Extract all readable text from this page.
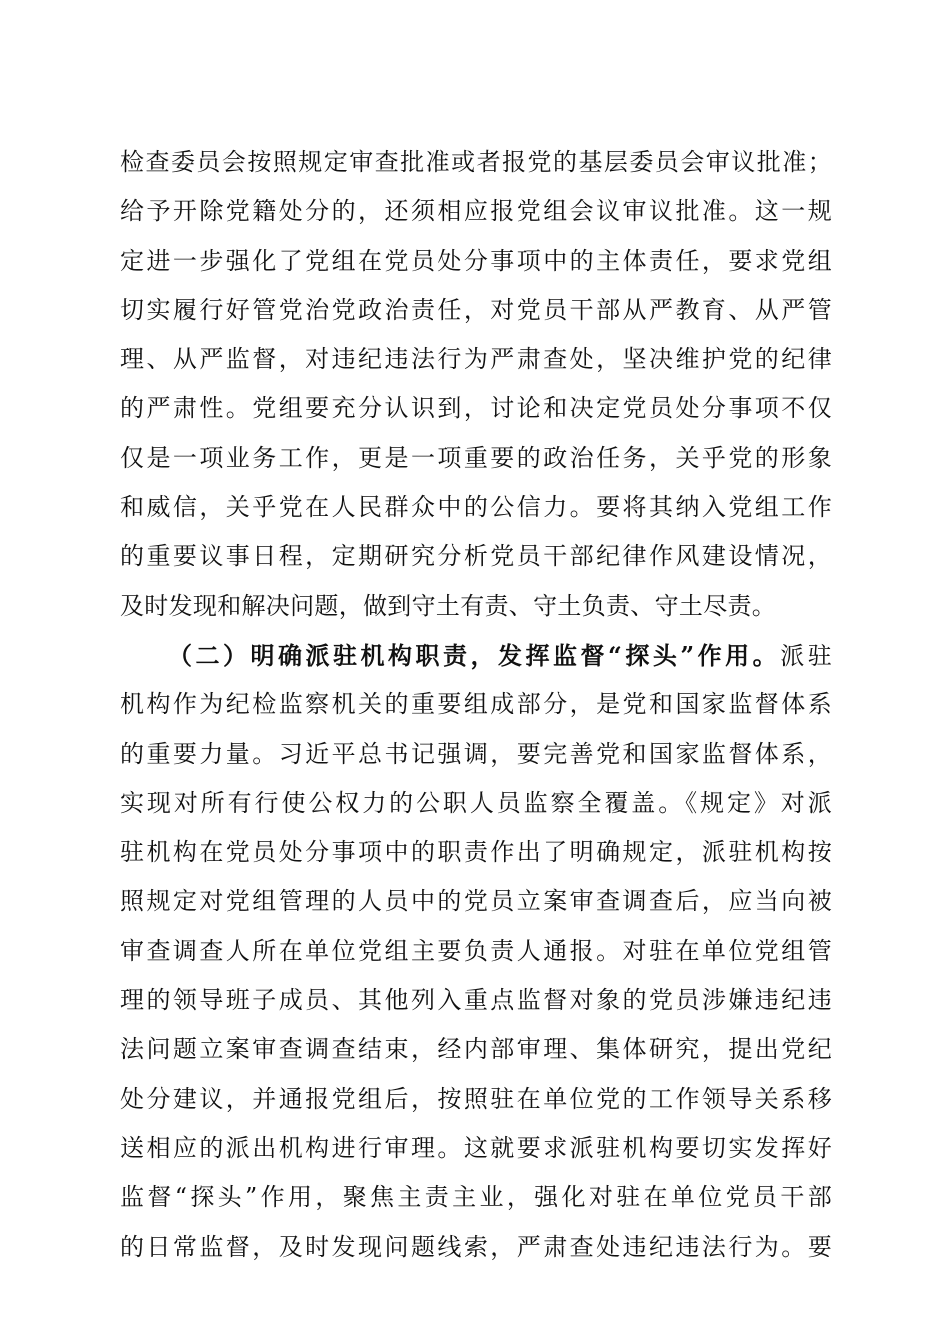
检查委员会按照规定审查批准或者报党的基层委员会审议批准；
给予开除党籍处分的，还须相应报党组会议审议批准。这一规
定进一步强化了党组在党员处分事项中的主体责任，要求党组
切实履行好管党治党政治责任，对党员干部从严教育、从严管
理、从严监督，对违纪违法行为严肃查处，坚决维护党的纪律
的严肃性。党组要充分认识到，讨论和决定党员处分事项不仅
仅是一项业务工作，更是一项重要的政治任务，关乎党的形象
和威信，关乎党在人民群众中的公信力。要将其纳入党组工作
的重要议事日程，定期研究分析党员干部纪律作风建设情况，
及时发现和解决问题，做到守土有责、守土负责、守土尽责。
（二）明确派驻机构职责，发挥监督“探头”作用。派驻
机构作为纪检监察机关的重要组成部分，是党和国家监督体系
的重要力量。习近平总书记强调，要完善党和国家监督体系，
实现对所有行使公权力的公职人员监察全覆盖。《规定》对派
驻机构在党员处分事项中的职责作出了明确规定，派驻机构按
照规定对党组管理的人员中的党员立案审查调查后，应当向被
审查调查人所在单位党组主要负责人通报。对驻在单位党组管
理的领导班子成员、其他列入重点监督对象的党员涉嫌违纪违
法问题立案审查调查结束，经内部审理、集体研究，提出党纪
处分建议，并通报党组后，按照驻在单位党的工作领导关系移
送相应的派出机构进行审理。这就要求派驻机构要切实发挥好
监督“探头”作用，聚焦主责主业，强化对驻在单位党员干部
的日常监督，及时发现问题线索，严肃查处违纪违法行为。要
